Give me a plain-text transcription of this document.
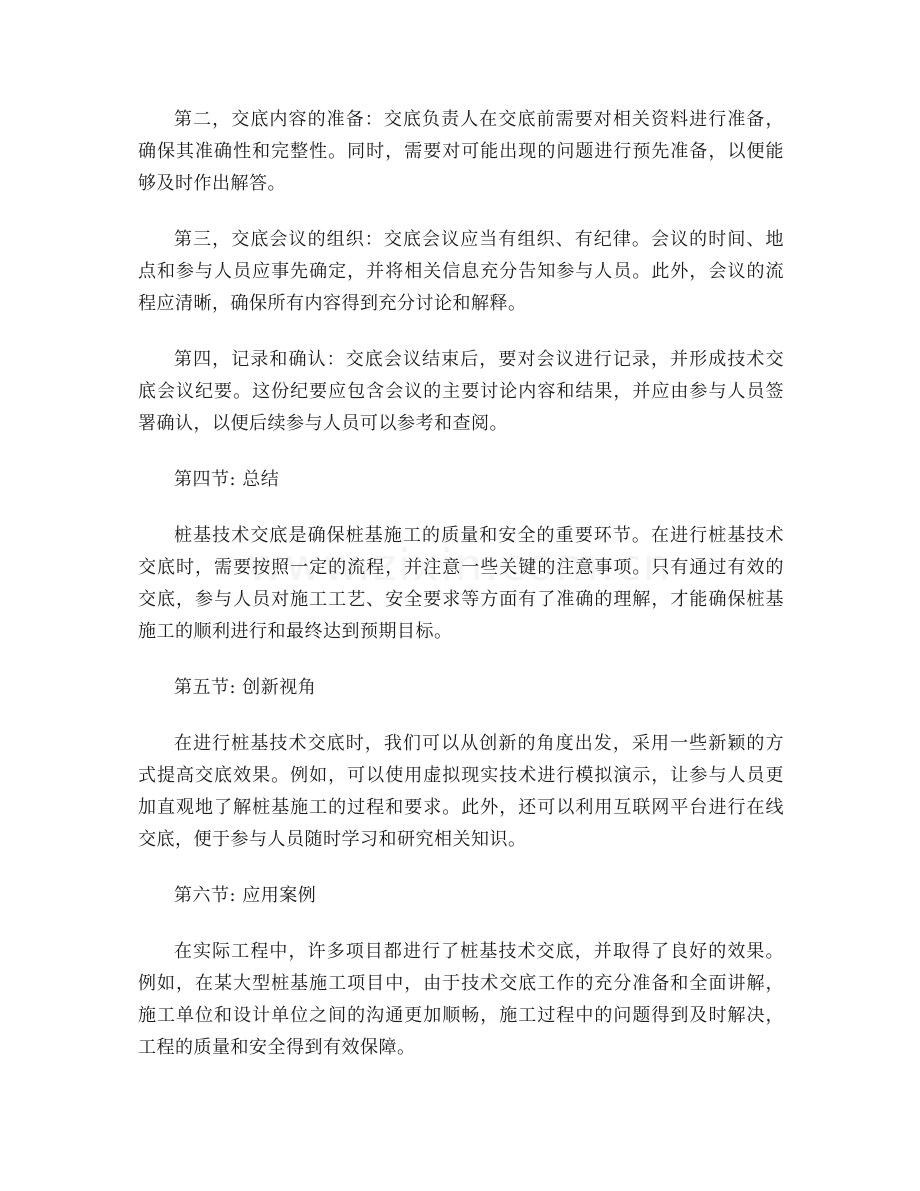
第二，交底内容的准备：交底负责人在交底前需要对相关资料进行准备，确保其准确性和完整性。同时，需要对可能出现的问题进行预先准备，以便能够及时作出解答。

第三，交底会议的组织：交底会议应当有组织、有纪律。会议的时间、地点和参与人员应事先确定，并将相关信息充分告知参与人员。此外，会议的流程应清晰，确保所有内容得到充分讨论和解释。

第四，记录和确认：交底会议结束后，要对会议进行记录，并形成技术交底会议纪要。这份纪要应包含会议的主要讨论内容和结果，并应由参与人员签署确认，以便后续参与人员可以参考和查阅。

第四节: 总结

桩基技术交底是确保桩基施工的质量和安全的重要环节。在进行桩基技术交底时，需要按照一定的流程，并注意一些关键的注意事项。只有通过有效的交底，参与人员对施工工艺、安全要求等方面有了准确的理解，才能确保桩基施工的顺利进行和最终达到预期目标。

第五节: 创新视角

在进行桩基技术交底时，我们可以从创新的角度出发，采用一些新颖的方式提高交底效果。例如，可以使用虚拟现实技术进行模拟演示，让参与人员更加直观地了解桩基施工的过程和要求。此外，还可以利用互联网平台进行在线交底，便于参与人员随时学习和研究相关知识。

第六节: 应用案例

在实际工程中，许多项目都进行了桩基技术交底，并取得了良好的效果。例如，在某大型桩基施工项目中，由于技术交底工作的充分准备和全面讲解，施工单位和设计单位之间的沟通更加顺畅，施工过程中的问题得到及时解决，工程的质量和安全得到有效保障。
